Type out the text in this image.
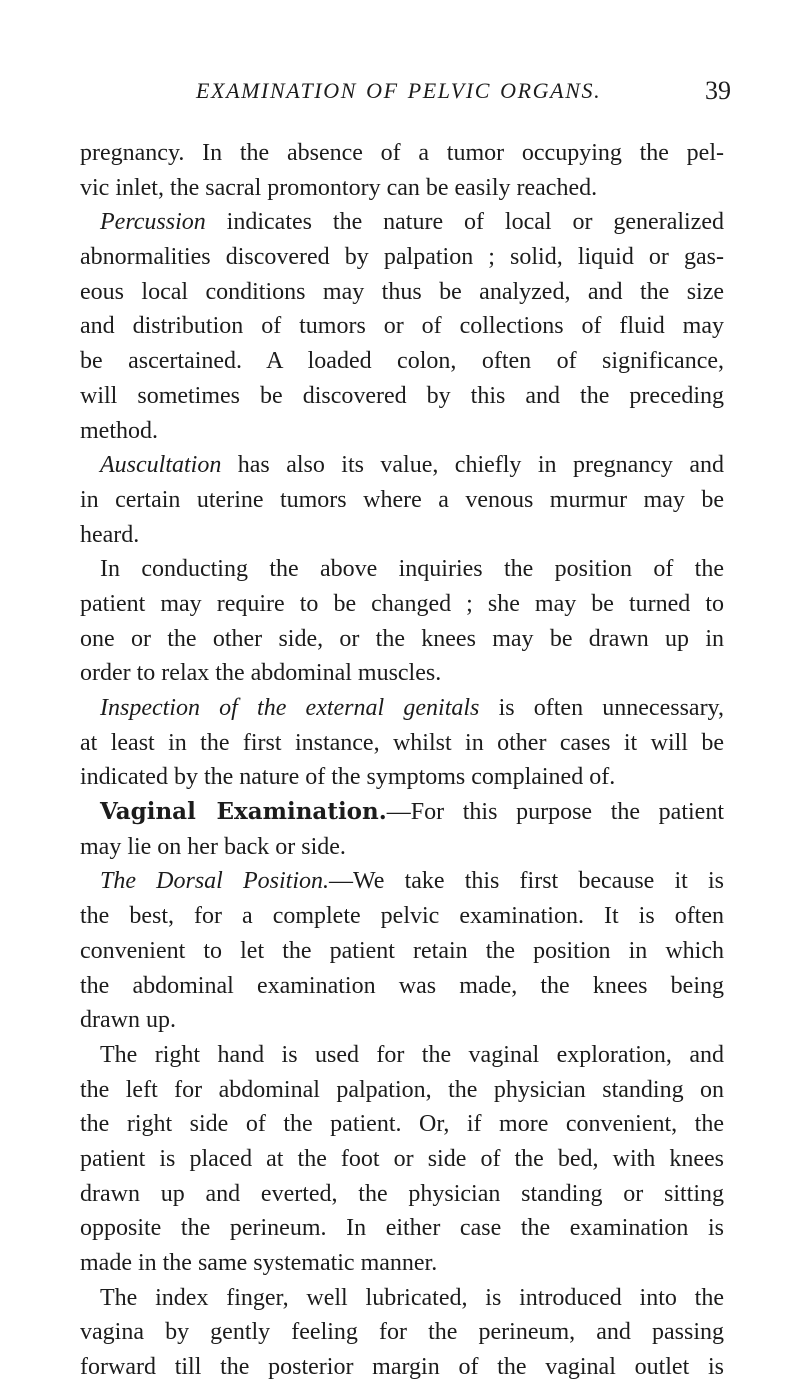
EXAMINATION OF PELVIC ORGANS.	39
pregnancy. In the absence of a tumor occupying the pel-
vic inlet, the sacral promontory can be easily reached.
Percussion indicates the nature of local or generalized
abnormalities discovered by palpation ; solid, liquid or gas-
eous local conditions may thus be analyzed, and the size
and distribution of tumors or of collections of fluid may
be ascertained. A loaded colon, often of significance,
will sometimes be discovered by this and the preceding
method.
Auscultation has also its value, chiefly in pregnancy and
in certain uterine tumors where a venous murmur may be
heard.
In conducting the above inquiries the position of the
patient may require to be changed ; she may be turned to
one or the other side, or the knees may be drawn up in
order to relax the abdominal muscles.
Inspection of the external genitals is often unnecessary,
at least in the first instance, whilst in other cases it will be
indicated by the nature of the symptoms complained of.
Vaginal Examination.—For this purpose the patient
may lie on her back or side.
The Dorsal Position.—We take this first because it is
the best, for a complete pelvic examination. It is often
convenient to let the patient retain the position in which
the abdominal examination was made, the knees being
drawn up.
The right hand is used for the vaginal exploration, and
the left for abdominal palpation, the physician standing on
the right side of the patient. Or, if more convenient, the
patient is placed at the foot or side of the bed, with knees
drawn up and everted, the physician standing or sitting
opposite the perineum. In either case the examination is
made in the same systematic manner.
The index finger, well lubricated, is introduced into the
vagina by gently feeling for the perineum, and passing
forward till the posterior margin of the vaginal outlet is
